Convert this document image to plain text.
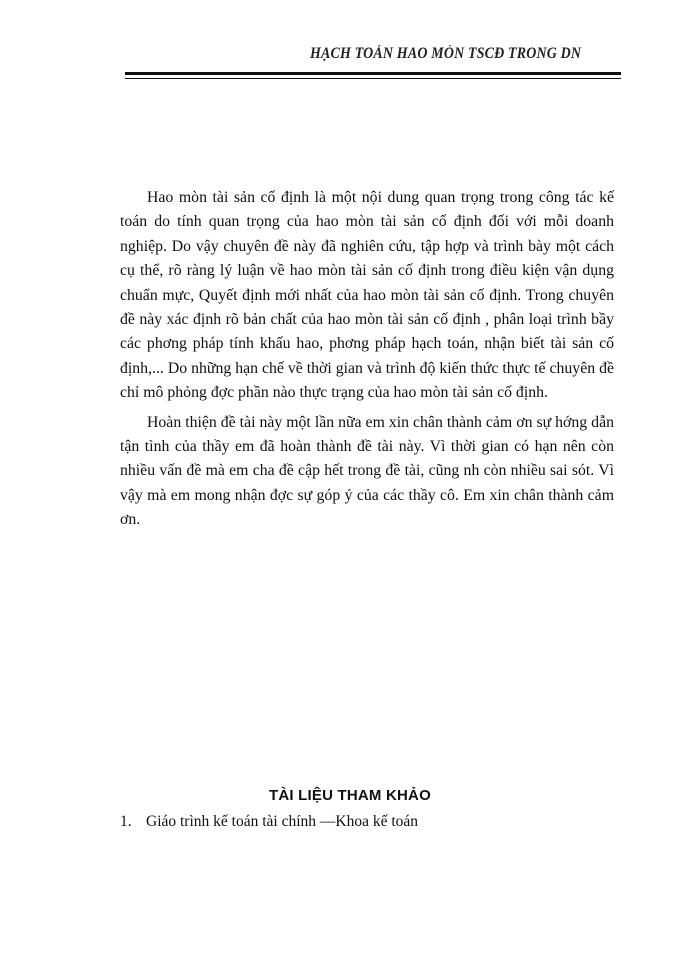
HẠCH TOÁN HAO MÒN TSCĐ TRONG DN

Hao mòn tài sản cố định là một nội dung quan trọng trong công tác kế toán do tính quan trọng của hao mòn tài sản cố định đối với mỗi doanh nghiệp. Do vậy chuyên đề này đã nghiên cứu, tập hợp và trình bày một cách cụ thể, rõ ràng lý luận về hao mòn tài sản cố định trong điều kiện vận dụng chuẩn mực, Quyết định mới nhất của hao mòn tài sản cố định. Trong chuyên đề này xác định rõ bản chất của hao mòn tài sản cố định , phân loại trình bầy các phơng pháp tính khấu hao, phơng pháp hạch toán, nhận biết tài sản cố định,... Do những hạn chế về thời gian và trình độ kiến thức thực tế chuyên đề chỉ mô phỏng đợc phần nào thực trạng của hao mòn tài sản cố định.

Hoàn thiện đề tài này một lần nữa em xin chân thành cảm ơn sự hớng dẫn tận tình của thầy em đã hoàn thành đề tài này. Vì thời gian có hạn nên còn nhiều vấn đề mà em cha đề cập hết trong đề tài, cũng nh còn nhiều sai sót. Vì vậy mà em mong nhận đợc sự góp ý của các thầy cô. Em xin chân thành cảm ơn.

TÀI LIỆU THAM KHẢO
1. Giáo trình kế toán tài chính —Khoa kế toán
